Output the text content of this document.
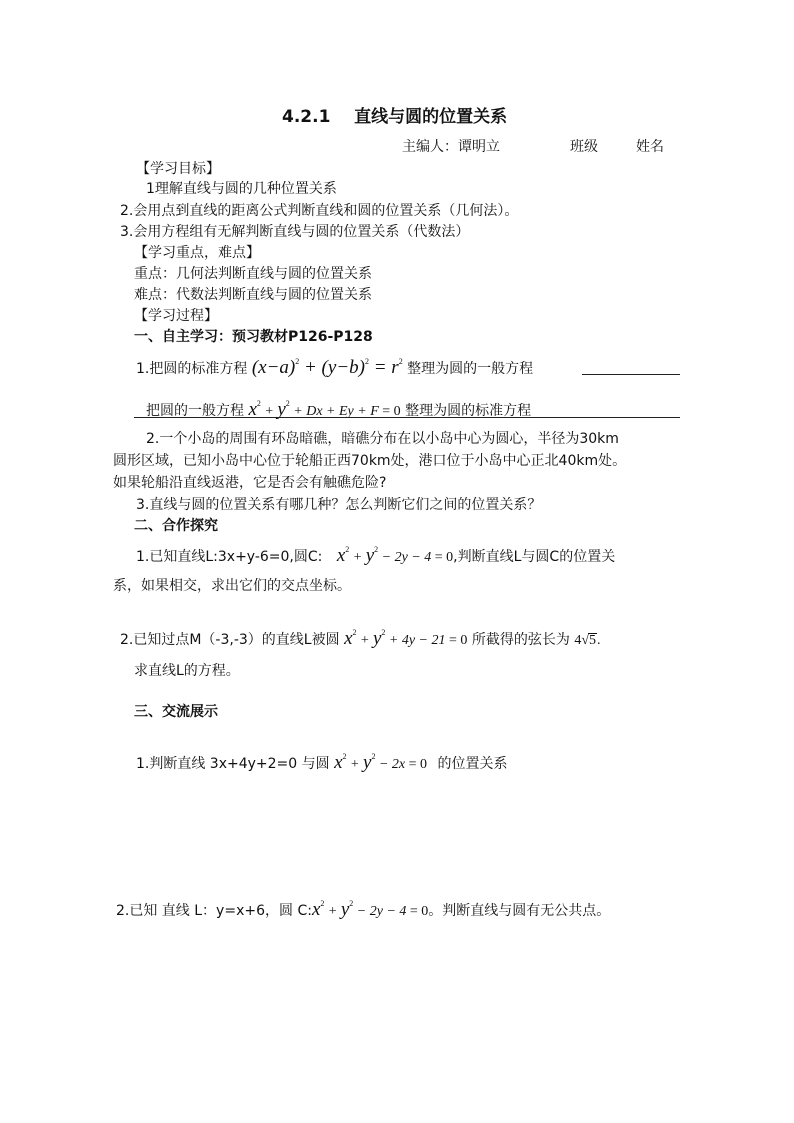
4.2.1    直线与圆的位置关系
主编人：谭明立	班级	姓名
【学习目标】
1理解直线与圆的几种位置关系
2.会用点到直线的距离公式判断直线和圆的位置关系（几何法）。
3.会用方程组有无解判断直线与圆的位置关系（代数法）
【学习重点，难点】
重点：几何法判断直线与圆的位置关系
难点：代数法判断直线与圆的位置关系
【学习过程】
一、自主学习：预习教材P126-P128
1.把圆的标准方程 $(x-a)^2 + (y-b)^2 = r^2$ 整理为圆的一般方程
把圆的一般方程 $x^2 + y^2 + Dx + Ey + F = 0$ 整理为圆的标准方程
2.一个小岛的周围有环岛暗礁，暗礁分布在以小岛中心为圆心，半径为30km
圆形区域，已知小岛中心位于轮船正西70km处，港口位于小岛中心正北40km处。
如果轮船沿直线返港，它是否会有触礁危险?
3.直线与圆的位置关系有哪几种？怎么判断它们之间的位置关系？
二、合作探究
1.已知直线L:3x+y-6=0,圆C: $x^2 + y^2 - 2y - 4 = 0$,判断直线L与圆C的位置关
系，如果相交，求出它们的交点坐标。
2.已知过点M（-3,-3）的直线L被圆 $x^2 + y^2 + 4y - 21 = 0$ 所截得的弦长为 4√5.
求直线L的方程。
三、交流展示
1.判断直线 3x+4y+2=0 与圆 $x^2 + y^2 - 2x = 0$ 的位置关系
2.已知 直线 L：y=x+6，圆 $C:x^2 + y^2 - 2y - 4 = 0$。判断直线与圆有无公共点。
